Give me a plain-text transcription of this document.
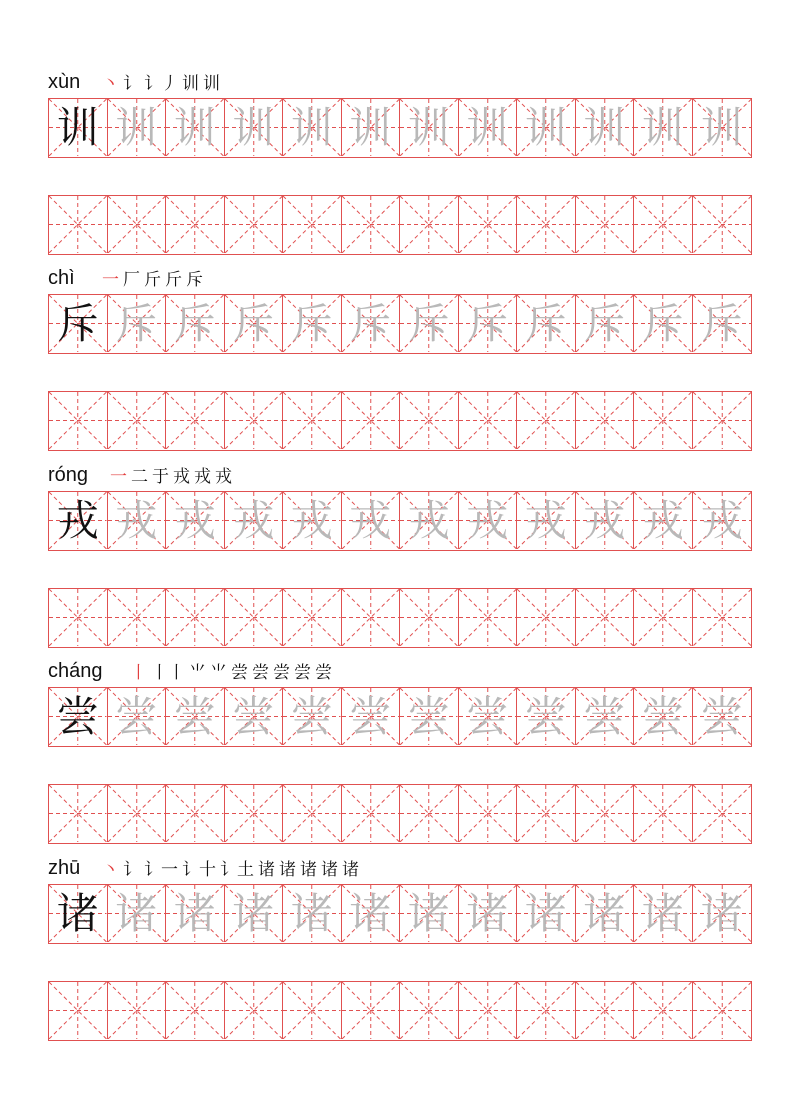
xùn 丶 讠 讠丿 训 训
训 训 训 训 训 训 训 训 训 训 训 训
chì 一 厂 斤 斤 斥
斥 斥 斥 斥 斥 斥 斥 斥 斥 斥 斥 斥
róng 一 二 于 戎 戎 戎
戎 戎 戎 戎 戎 戎 戎 戎 戎 戎 戎 戎
cháng 丨 丨丨 ⺌ ⺌ 尝 尝 尝 尝 尝
尝 尝 尝 尝 尝 尝 尝 尝 尝 尝 尝 尝
zhū 丶 讠 讠一 讠十 讠土 诸 诸 诸 诸 诸
诸 诸 诸 诸 诸 诸 诸 诸 诸 诸 诸 诸
